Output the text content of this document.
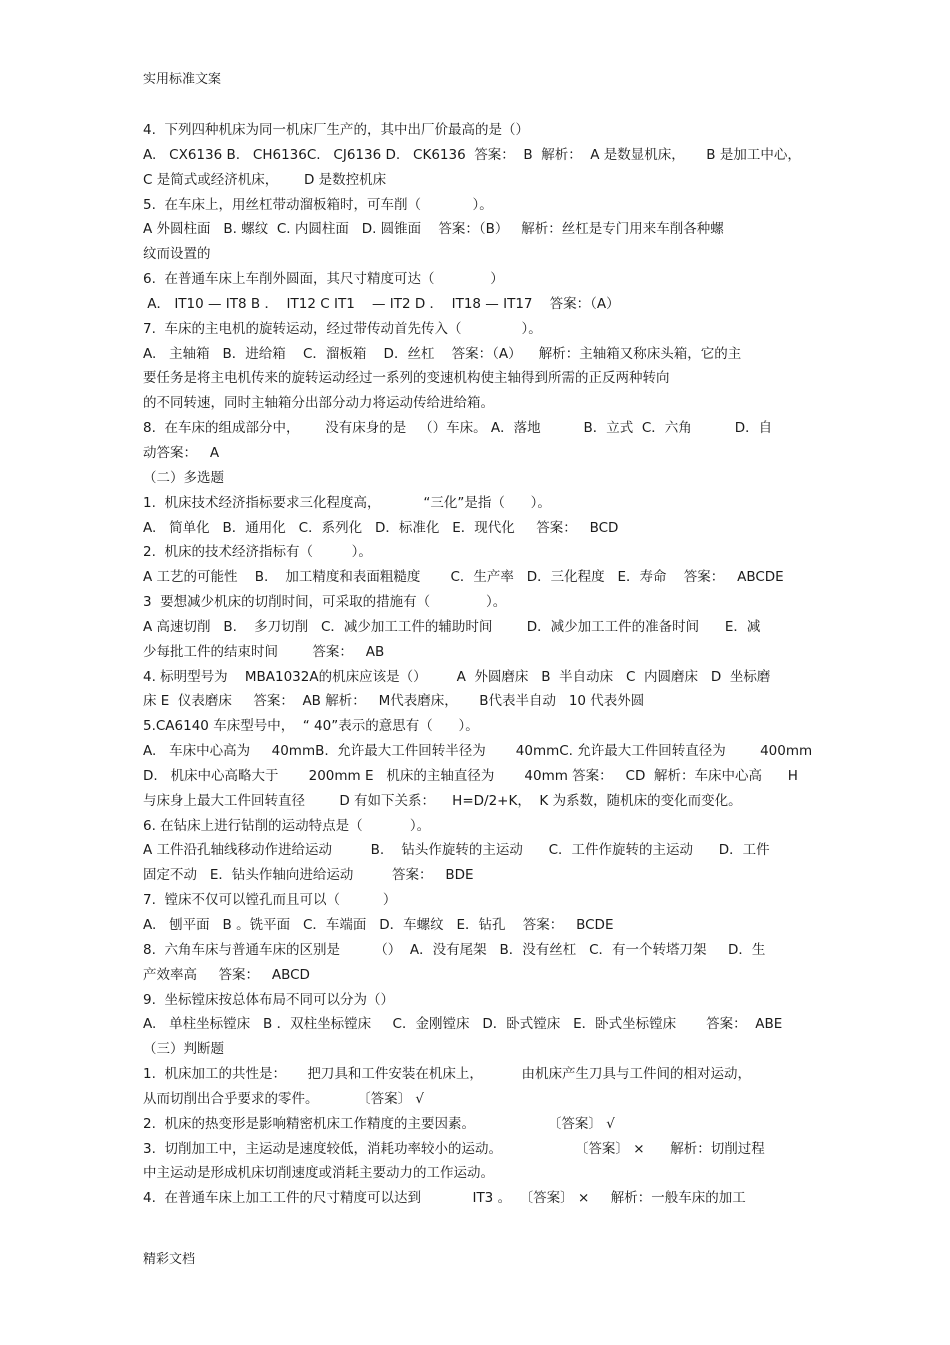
实用标准文案
4.  下列四种机床为同一机床厂生产的，其中出厂价最高的是（）
A.   CX6136 B.   CH6136C.   CJ6136 D.   CK6136  答案：  B  解析：  A 是数显机床，     B 是加工中心，
C 是简式或经济机床，      D 是数控机床
5.  在车床上，用丝杠带动溜板箱时，可车削（            ）。
A 外圆柱面   B. 螺纹  C. 内圆柱面   D. 圆锥面    答案：（B）   解析：丝杠是专门用来车削各种螺
纹而设置的
6.  在普通车床上车削外圆面，其尺寸精度可达（             ）
A． IT10 — IT8 B ．  IT12 C IT1    — IT2 D ．  IT18 — IT17    答案：（A）
7.  车床的主电机的旋转运动，经过带传动首先传入（              ）。
A.   主轴箱   B．进给箱    C．溜板箱    D．丝杠    答案：（A）    解析：主轴箱又称床头箱，它的主
要任务是将主电机传来的旋转运动经过一系列的变速机构使主轴得到所需的正反两种转向
的不同转速，同时主轴箱分出部分动力将运动传给进给箱。
8.  在车床的组成部分中，      没有床身的是   （）车床。 A．落地          B．立式  C．六角          D．自
动答案：   A
（二）多选题
1.  机床技术经济指标要求三化程度高，          “三化”是指（      ）。
A.   简单化   B．通用化   C．系列化   D．标准化   E．现代化     答案：   BCD
2.  机床的技术经济指标有（         ）。
A 工艺的可能性    B.    加工精度和表面粗糙度       C．生产率   D．三化程度   E．寿命    答案：   ABCDE
3  要想减少机床的切削时间，可采取的措施有（             ）。
A 高速切削   B.    多刀切削   C．减少加工工件的辅助时间        D．减少加工工件的准备时间      E．减
少每批工件的结束时间        答案：   AB
4. 标明型号为    MBA1032A的机床应该是（）       A  外圆磨床   B  半自动床   C  内圆磨床   D  坐标磨
床 E  仪表磨床     答案：  AB 解析：   M代表磨床，     B代表半自动   10 代表外圆
5.CA6140 车床型号中，  “ 40”表示的意思有（      ）。
A.   车床中心高为     40mmB.  允许最大工件回转半径为       40mmC. 允许最大工件回转直径为        400mm
D.   机床中心高略大于       200mm E   机床的主轴直径为       40mm 答案：   CD  解析：车床中心高      H
与床身上最大工件回转直径        D 有如下关系：    H=D/2+K，  K 为系数，随机床的变化而变化。
6. 在钻床上进行钻削的运动特点是（           ）。
A 工件沿孔轴线移动作进给运动         B.    钻头作旋转的主运动      C．工件作旋转的主运动      D．工件
固定不动   E．钻头作轴向进给运动         答案：   BDE
7.  镗床不仅可以镗孔而且可以（          ）
A.   刨平面   B 。铣平面   C．车端面   D．车螺纹   E．钻孔    答案：   BCDE
8.  六角车床与普通车床的区别是        （）  A．没有尾架   B．没有丝杠   C．有一个转塔刀架     D．生
产效率高     答案：   ABCD
9.  坐标镗床按总体布局不同可以分为（）
A.   单柱坐标镗床   B ．双柱坐标镗床     C．金刚镗床   D．卧式镗床   E．卧式坐标镗床       答案：  ABE
（三）判断题
1.  机床加工的共性是：     把刀具和工件安装在机床上，         由机床产生刀具与工件间的相对运动，
从而切削出合乎要求的零件。         〔答案〕 √
2.  机床的热变形是影响精密机床工作精度的主要因素。                 〔答案〕 √
3.  切削加工中，主运动是速度较低，消耗功率较小的运动。                 〔答案〕 ×      解析：切削过程
中主运动是形成机床切削速度或消耗主要动力的工作运动。
4.  在普通车床上加工工件的尺寸精度可以达到            IT3 。  〔答案〕 ×     解析：一般车床的加工
精彩文档
